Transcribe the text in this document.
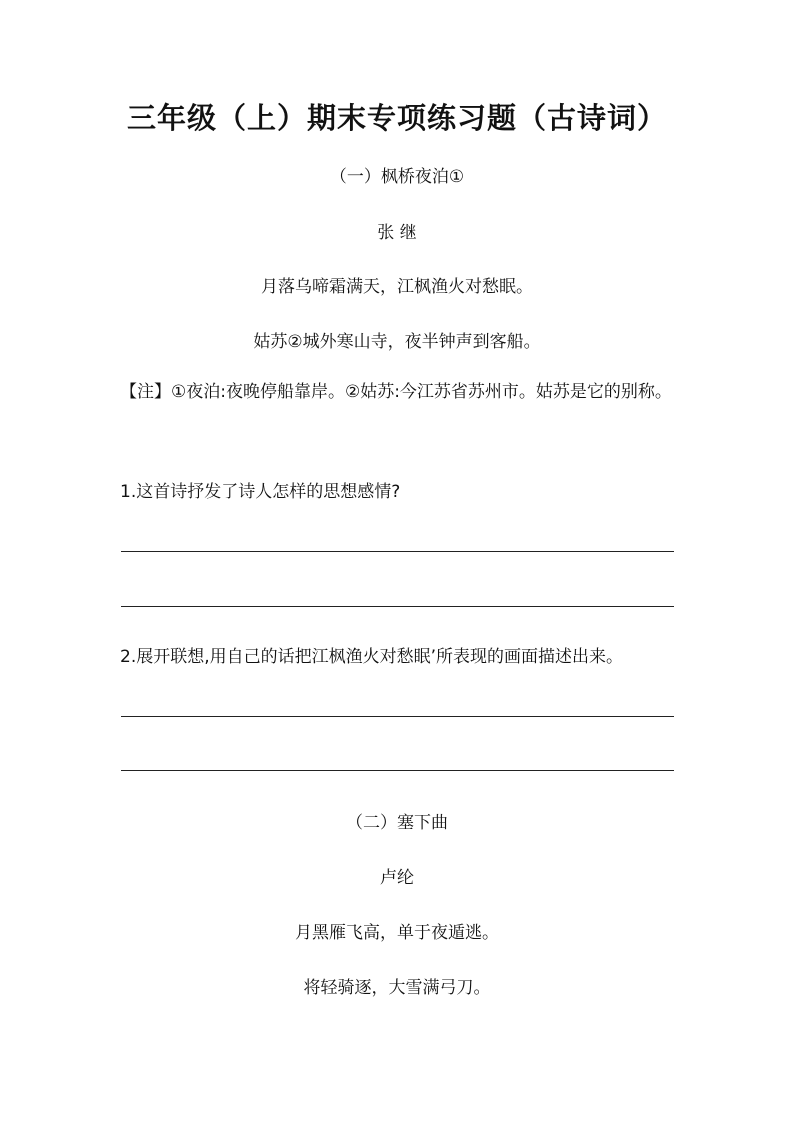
三年级（上）期末专项练习题（古诗词）
（一）枫桥夜泊①
张 继
月落乌啼霜满天，江枫渔火对愁眠。
姑苏②城外寒山寺，夜半钟声到客船。
【注】①夜泊:夜晚停船靠岸。②姑苏:今江苏省苏州市。姑苏是它的别称。
1.这首诗抒发了诗人怎样的思想感情?
2.展开联想,用自己的话把江枫渔火对愁眠’所表现的画面描述出来。
（二）塞下曲
卢纶
月黑雁飞高，单于夜遁逃。
将轻骑逐，大雪满弓刀。
